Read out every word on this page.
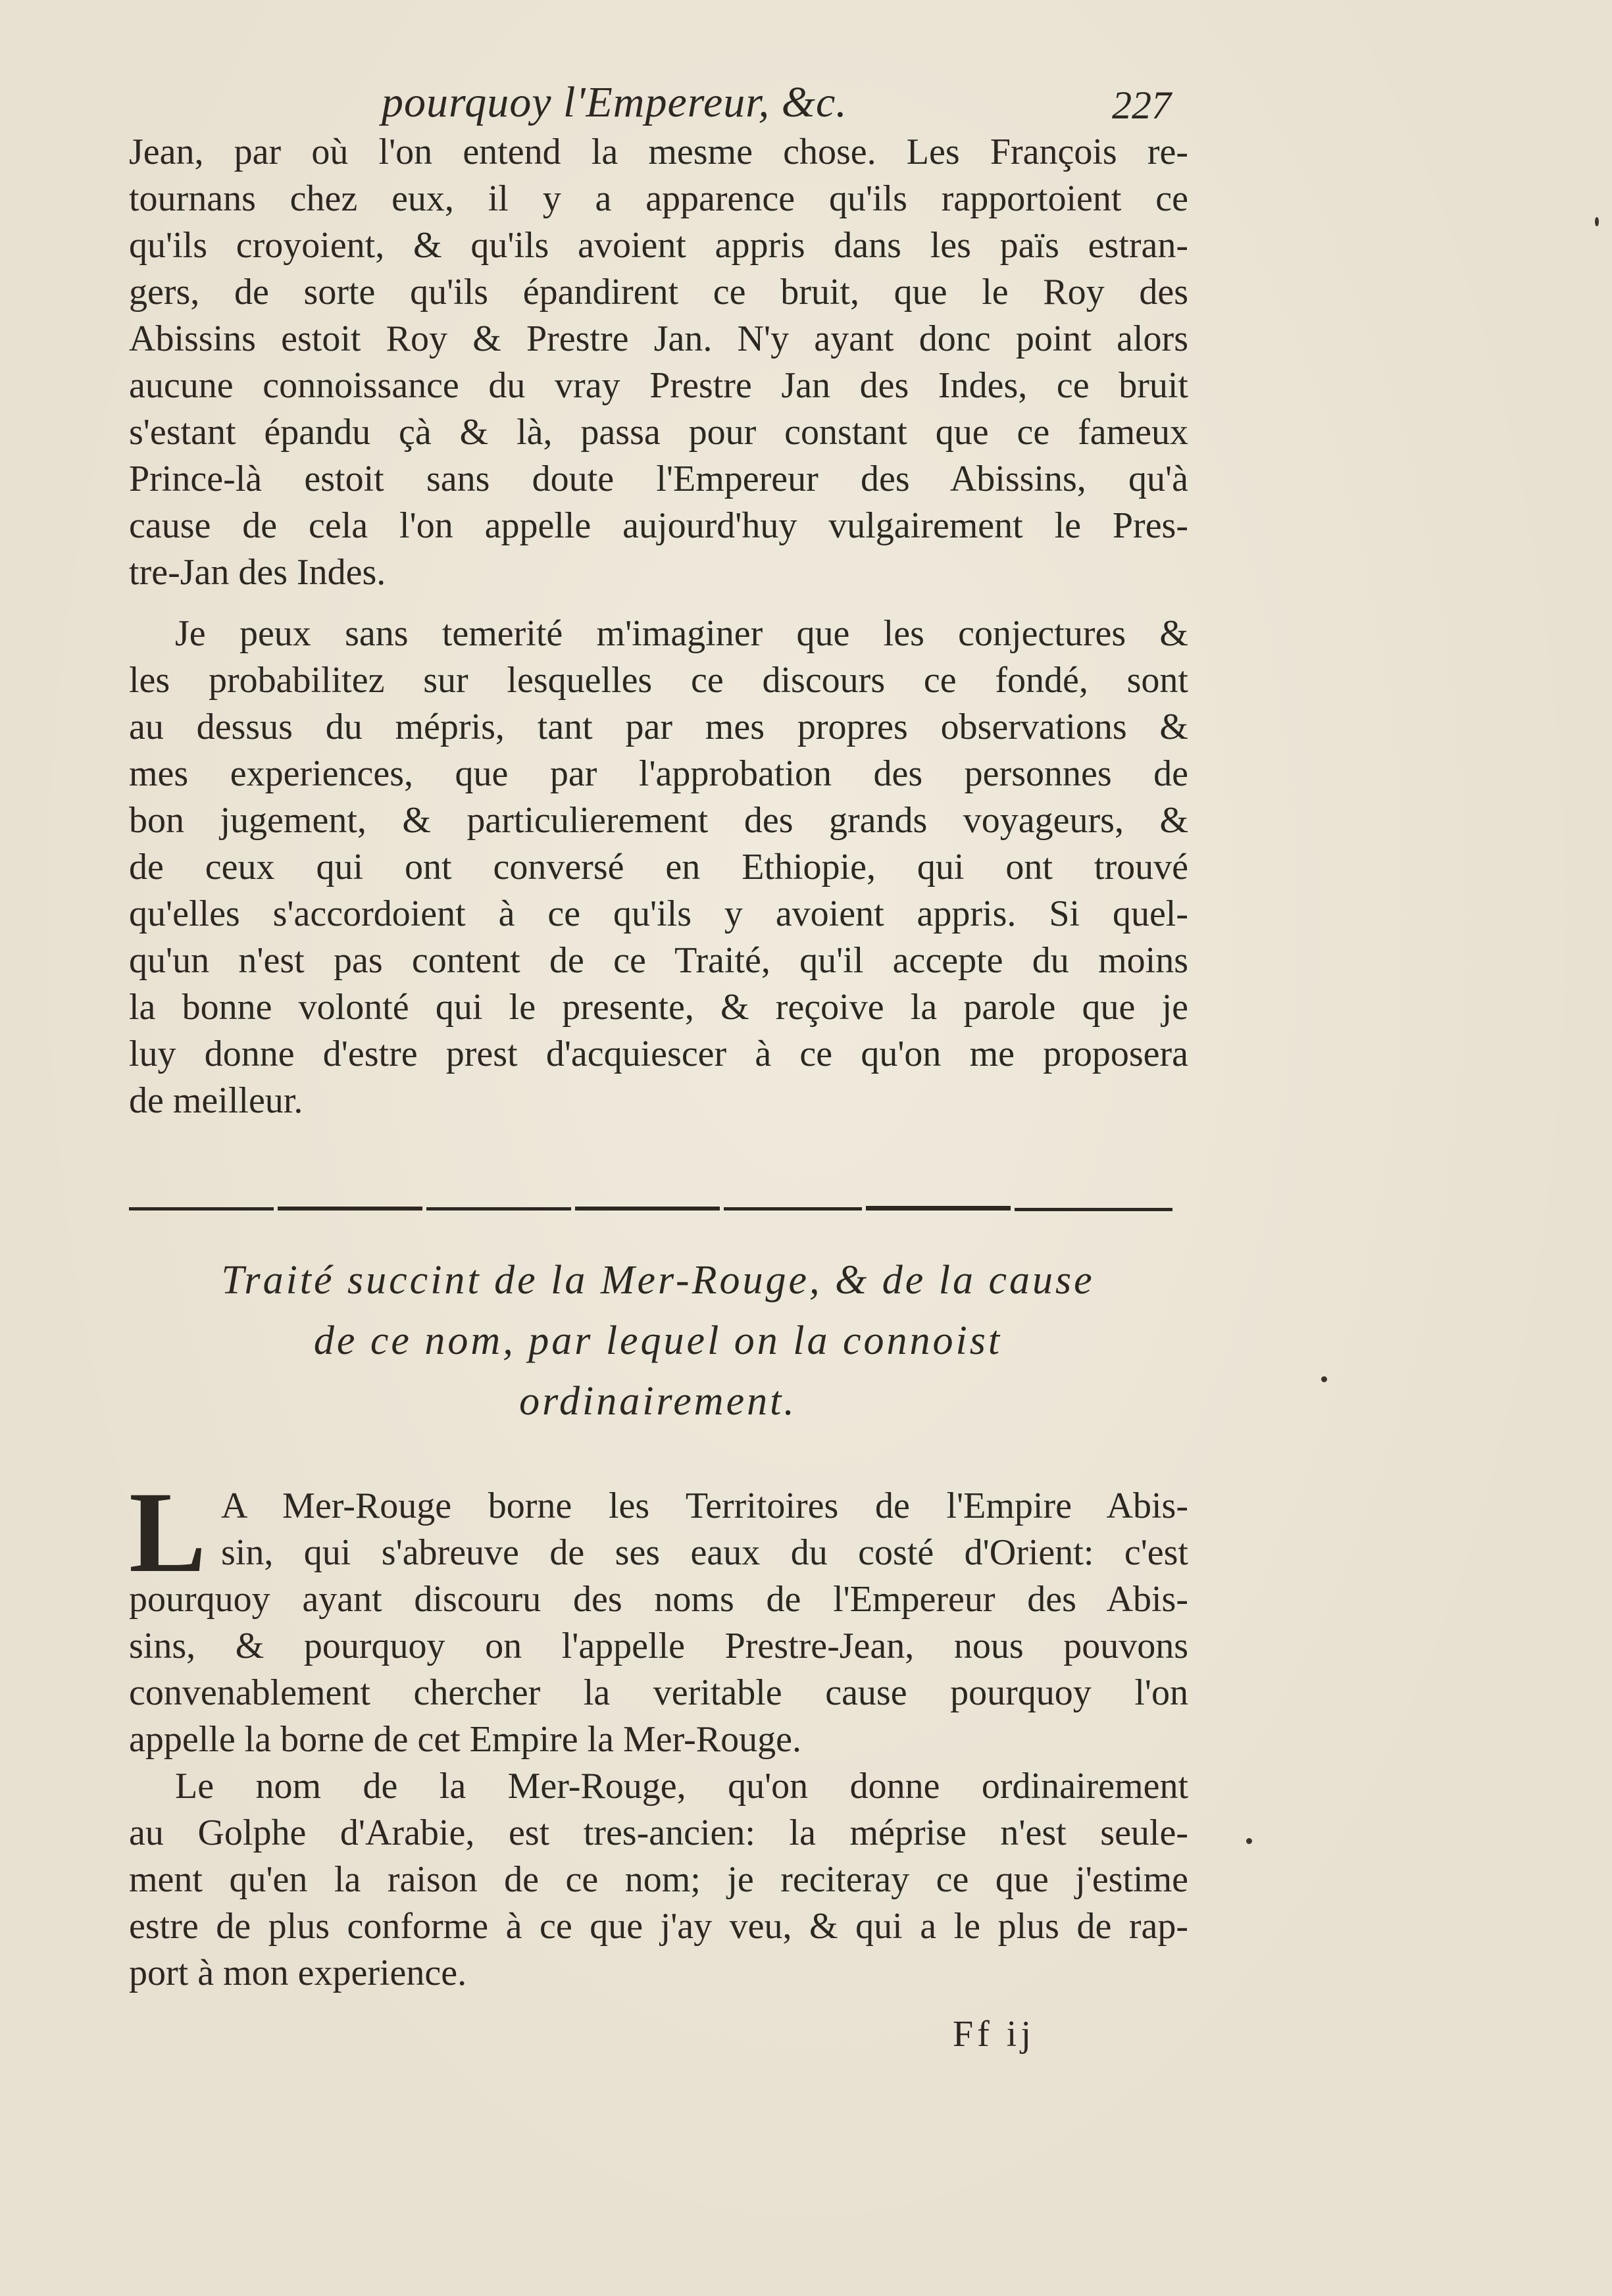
pourquoy l'Empereur, &c.	227
Jean, par où l'on entend la mesme chose. Les François re-
tournans chez eux, il y a apparence qu'ils rapportoient ce
qu'ils croyoient, & qu'ils avoient appris dans les païs estran-
gers, de sorte qu'ils épandirent ce bruit, que le Roy des
Abissins estoit Roy & Prestre Jan. N'y ayant donc point alors
aucune connoissance du vray Prestre Jan des Indes, ce bruit
s'estant épandu çà & là, passa pour constant que ce fameux
Prince-là estoit sans doute l'Empereur des Abissins, qu'à
cause de cela l'on appelle aujourd'huy vulgairement le Pres-
tre-Jan des Indes.
Je peux sans temerité m'imaginer que les conjectures &
les probabilitez sur lesquelles ce discours ce fondé, sont
au dessus du mépris, tant par mes propres observations &
mes experiences, que par l'approbation des personnes de
bon jugement, & particulierement des grands voyageurs, &
de ceux qui ont conversé en Ethiopie, qui ont trouvé
qu'elles s'accordoient à ce qu'ils y avoient appris. Si quel-
qu'un n'est pas content de ce Traité, qu'il accepte du moins
la bonne volonté qui le presente, & reçoive la parole que je
luy donne d'estre prest d'acquiescer à ce qu'on me proposera
de meilleur.
Traité succint de la Mer-Rouge, & de la cause
de ce nom, par lequel on la connoist
ordinairement.
L A Mer-Rouge borne les Territoires de l'Empire Abis-
sin, qui s'abreuve de ses eaux du costé d'Orient: c'est
pourquoy ayant discouru des noms de l'Empereur des Abis-
sins, & pourquoy on l'appelle Prestre-Jean, nous pouvons
convenablement chercher la veritable cause pourquoy l'on
appelle la borne de cet Empire la Mer-Rouge.
Le nom de la Mer-Rouge, qu'on donne ordinairement
au Golphe d'Arabie, est tres-ancien: la méprise n'est seule-
ment qu'en la raison de ce nom; je reciteray ce que j'estime
estre de plus conforme à ce que j'ay veu, & qui a le plus de rap-
port à mon experience.
Ff ij
